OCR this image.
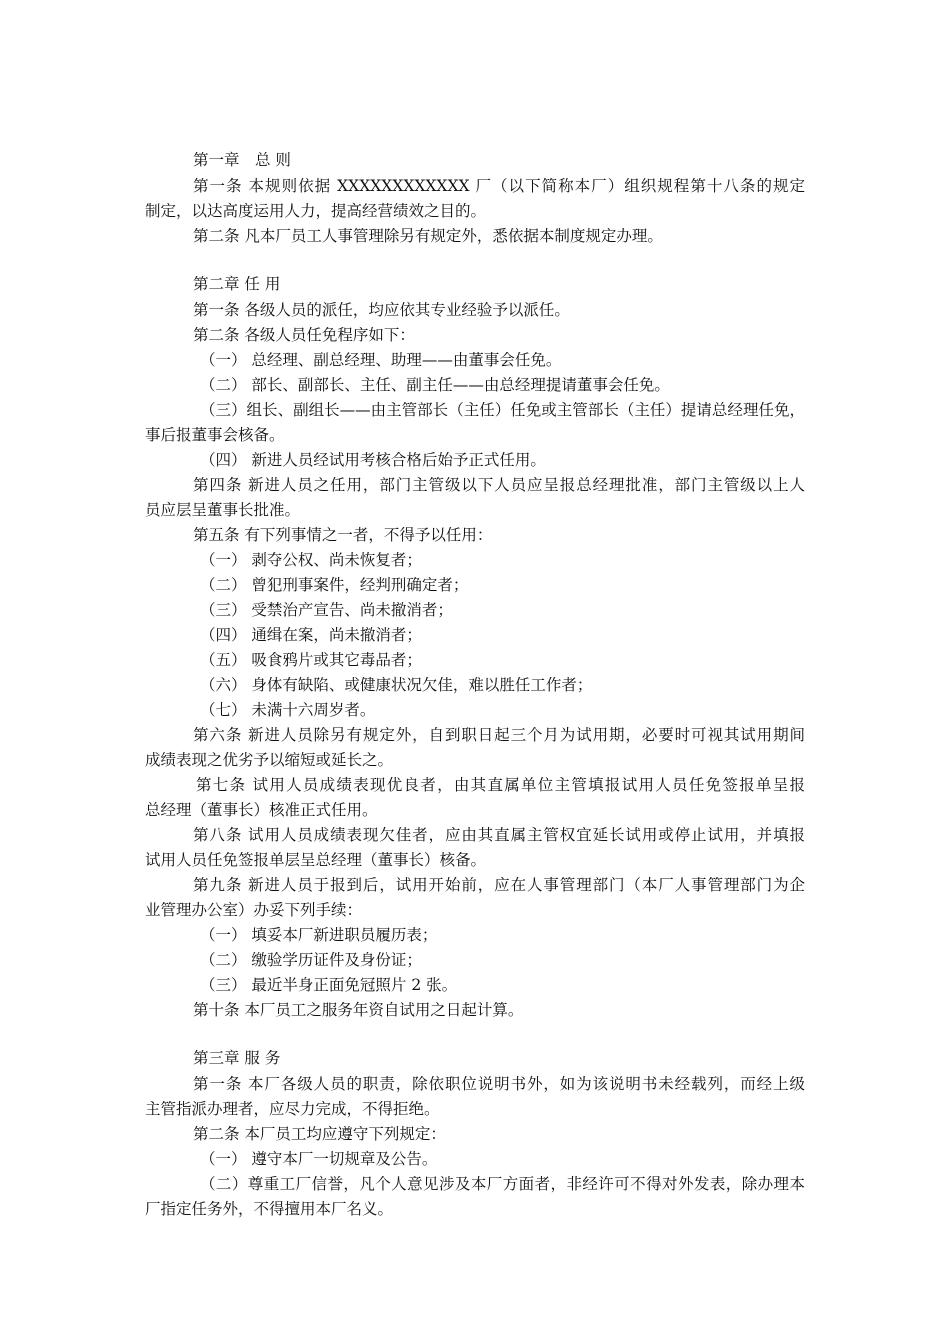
第一章　总 则
第一条 本规则依据 XXXXXXXXXXXX 厂（以下简称本厂）组织规程第十八条的规定
制定，以达高度运用人力，提高经营绩效之目的。
第二条 凡本厂员工人事管理除另有规定外，悉依据本制度规定办理。
第二章 任 用
第一条 各级人员的派任，均应依其专业经验予以派任。
第二条 各级人员任免程序如下：
（一） 总经理、副总经理、助理——由董事会任免。
（二） 部长、副部长、主任、副主任——由总经理提请董事会任免。
（三）组长、副组长——由主管部长（主任）任免或主管部长（主任）提请总经理任免，
事后报董事会核备。
（四） 新进人员经试用考核合格后始予正式任用。
第四条 新进人员之任用，部门主管级以下人员应呈报总经理批准，部门主管级以上人
员应层呈董事长批准。
第五条 有下列事情之一者，不得予以任用：
（一） 剥夺公权、尚未恢复者；
（二） 曾犯刑事案件，经判刑确定者；
（三） 受禁治产宣告、尚未撤消者；
（四） 通缉在案，尚未撤消者；
（五） 吸食鸦片或其它毒品者；
（六） 身体有缺陷、或健康状况欠佳，难以胜任工作者；
（七） 未满十六周岁者。
第六条 新进人员除另有规定外，自到职日起三个月为试用期，必要时可视其试用期间
成绩表现之优劣予以缩短或延长之。
第七条 试用人员成绩表现优良者，由其直属单位主管填报试用人员任免签报单呈报
总经理（董事长）核准正式任用。
第八条 试用人员成绩表现欠佳者，应由其直属主管权宜延长试用或停止试用，并填报
试用人员任免签报单层呈总经理（董事长）核备。
第九条 新进人员于报到后，试用开始前，应在人事管理部门（本厂人事管理部门为企
业管理办公室）办妥下列手续：
（一） 填妥本厂新进职员履历表；
（二） 缴验学历证件及身份证；
（三） 最近半身正面免冠照片 2 张。
第十条 本厂员工之服务年资自试用之日起计算。
第三章 服 务
第一条 本厂各级人员的职责，除依职位说明书外，如为该说明书未经载列，而经上级
主管指派办理者，应尽力完成，不得拒绝。
第二条 本厂员工均应遵守下列规定：
（一） 遵守本厂一切规章及公告。
（二）尊重工厂信誉，凡个人意见涉及本厂方面者，非经许可不得对外发表，除办理本
厂指定任务外，不得擅用本厂名义。
